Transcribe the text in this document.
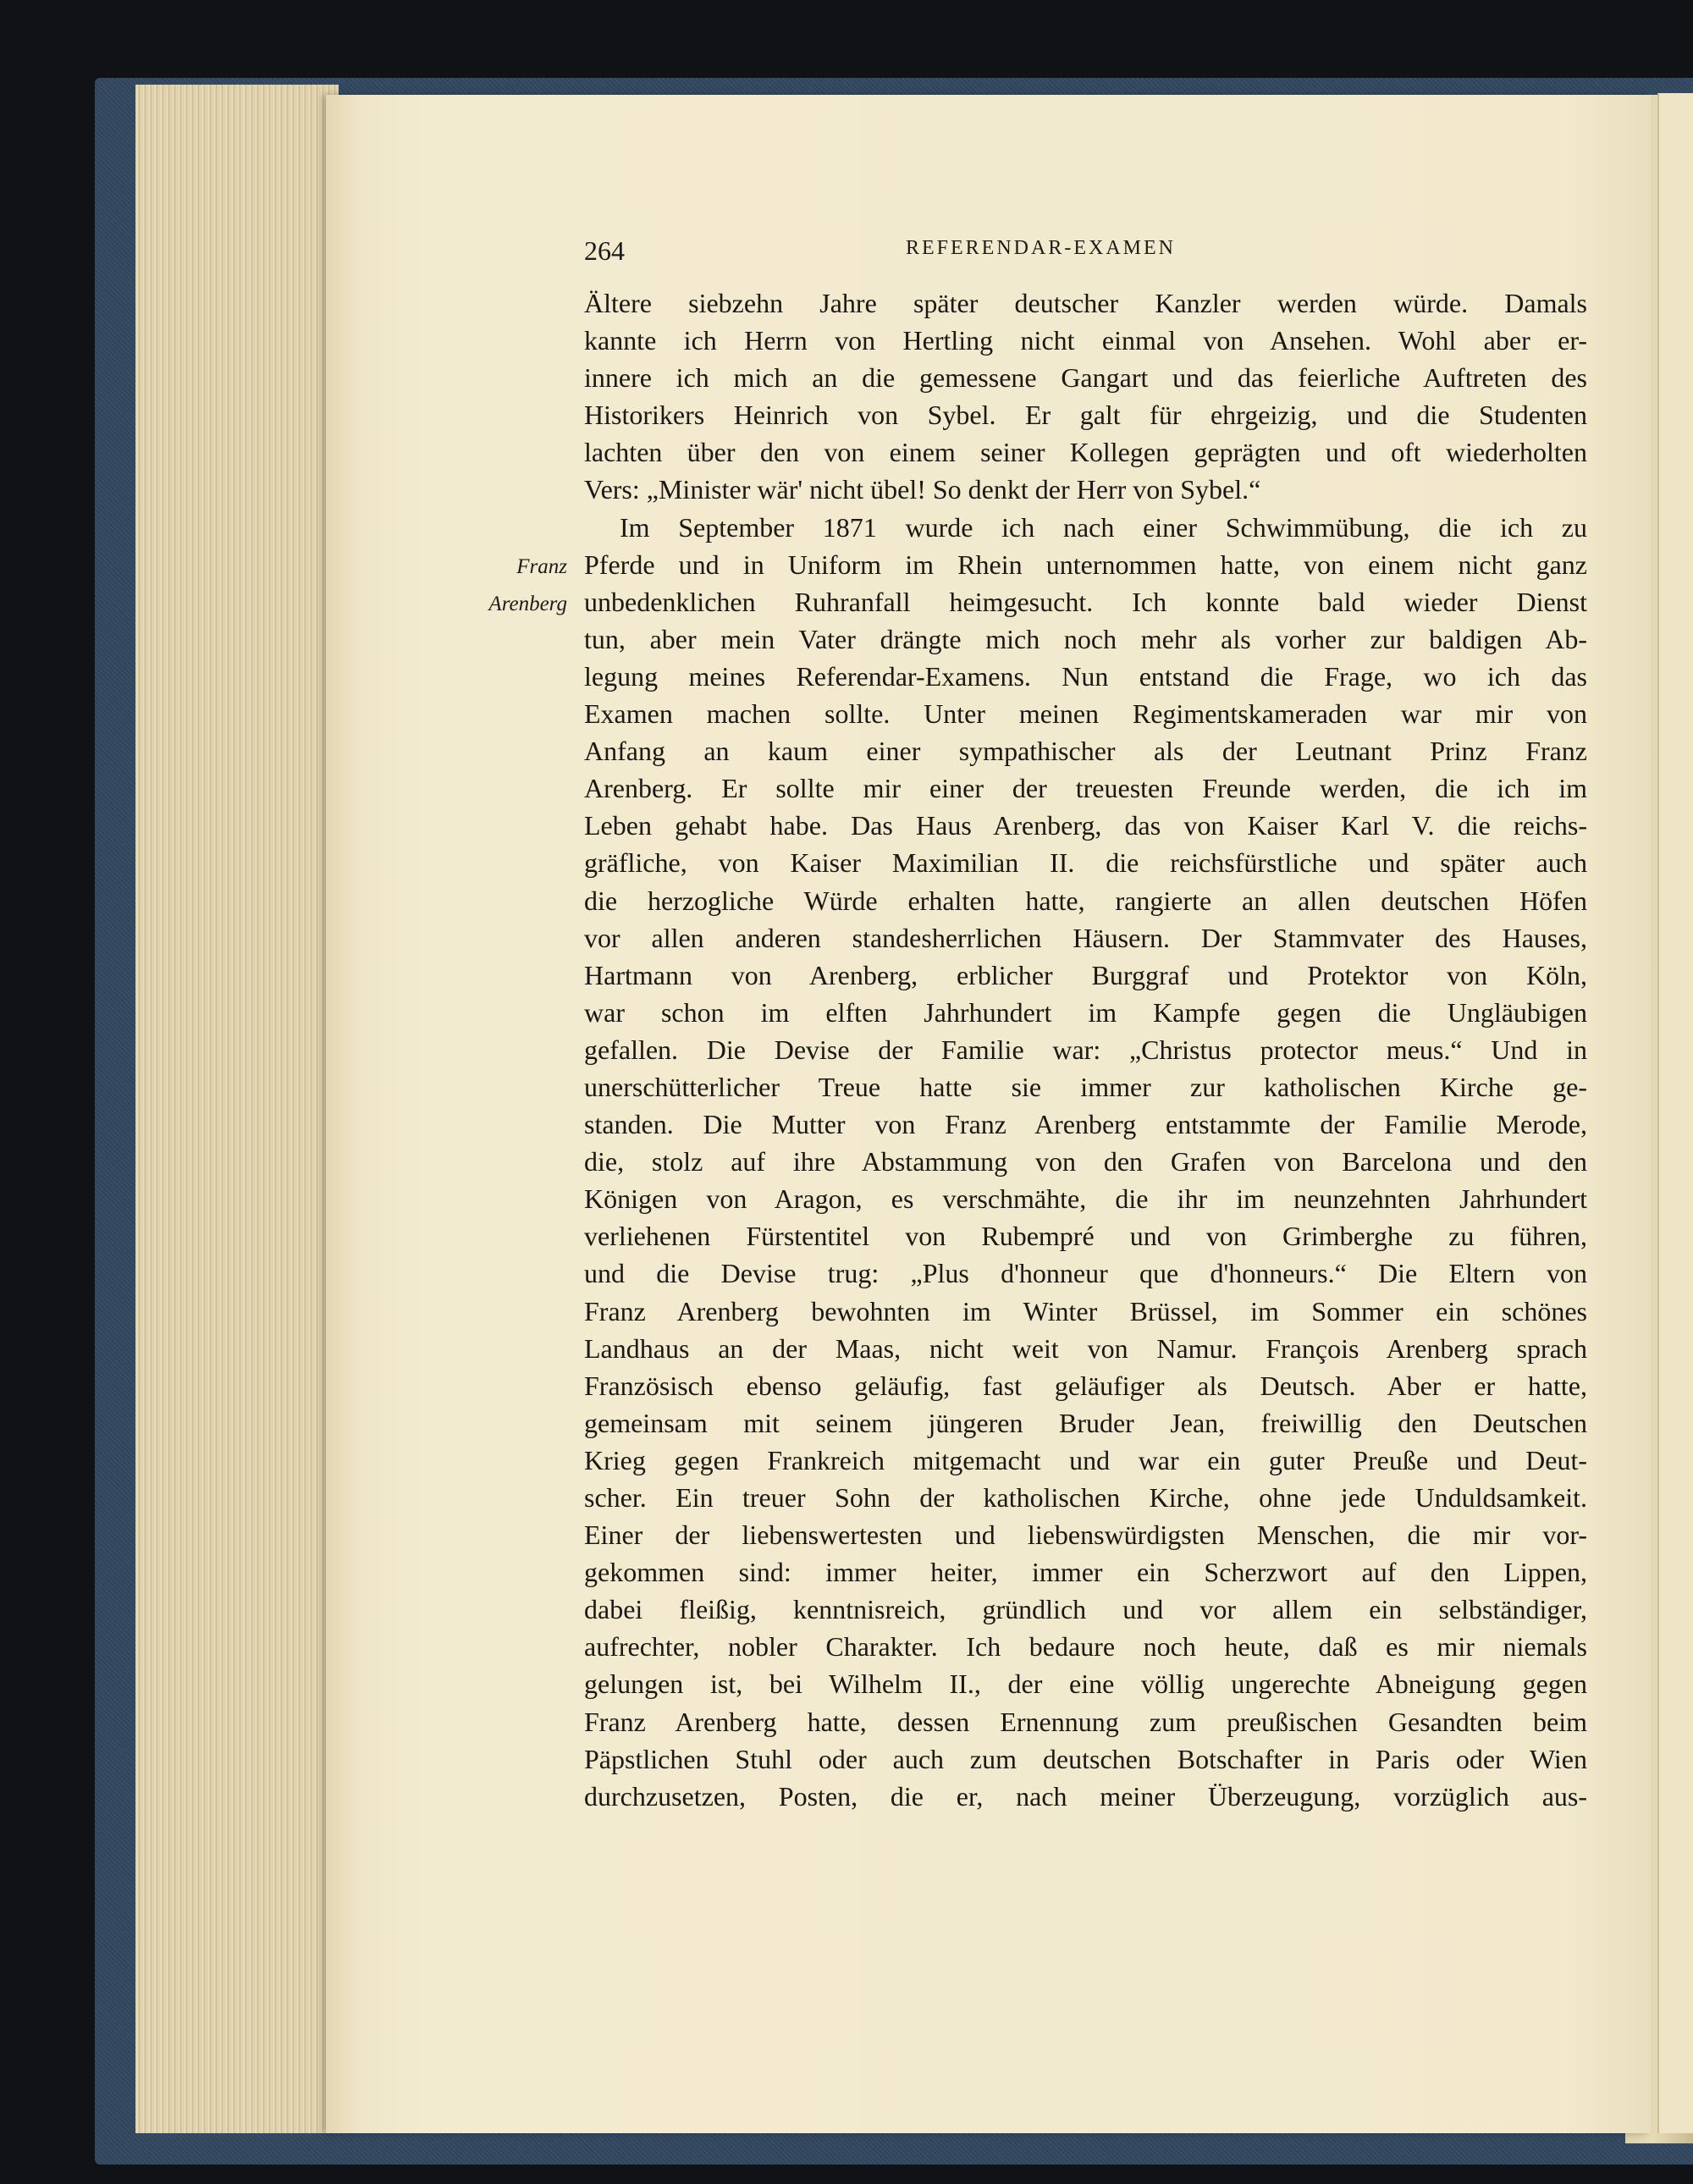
264	REFERENDAR-EXAMEN
Franz
Arenberg
Ältere siebzehn Jahre später deutscher Kanzler werden würde. Damals
kannte ich Herrn von Hertling nicht einmal von Ansehen. Wohl aber er-
innere ich mich an die gemessene Gangart und das feierliche Auftreten des
Historikers Heinrich von Sybel. Er galt für ehrgeizig, und die Studenten
lachten über den von einem seiner Kollegen geprägten und oft wiederholten
Vers: „Minister wär' nicht übel! So denkt der Herr von Sybel.“
Im September 1871 wurde ich nach einer Schwimmübung, die ich zu
Pferde und in Uniform im Rhein unternommen hatte, von einem nicht ganz
unbedenklichen Ruhranfall heimgesucht. Ich konnte bald wieder Dienst
tun, aber mein Vater drängte mich noch mehr als vorher zur baldigen Ab-
legung meines Referendar-Examens. Nun entstand die Frage, wo ich das
Examen machen sollte. Unter meinen Regimentskameraden war mir von
Anfang an kaum einer sympathischer als der Leutnant Prinz Franz
Arenberg. Er sollte mir einer der treuesten Freunde werden, die ich im
Leben gehabt habe. Das Haus Arenberg, das von Kaiser Karl V. die reichs-
gräfliche, von Kaiser Maximilian II. die reichsfürstliche und später auch
die herzogliche Würde erhalten hatte, rangierte an allen deutschen Höfen
vor allen anderen standesherrlichen Häusern. Der Stammvater des Hauses,
Hartmann von Arenberg, erblicher Burggraf und Protektor von Köln,
war schon im elften Jahrhundert im Kampfe gegen die Ungläubigen
gefallen. Die Devise der Familie war: „Christus protector meus.“ Und in
unerschütterlicher Treue hatte sie immer zur katholischen Kirche ge-
standen. Die Mutter von Franz Arenberg entstammte der Familie Merode,
die, stolz auf ihre Abstammung von den Grafen von Barcelona und den
Königen von Aragon, es verschmähte, die ihr im neunzehnten Jahrhundert
verliehenen Fürstentitel von Rubempré und von Grimberghe zu führen,
und die Devise trug: „Plus d'honneur que d'honneurs.“ Die Eltern von
Franz Arenberg bewohnten im Winter Brüssel, im Sommer ein schönes
Landhaus an der Maas, nicht weit von Namur. François Arenberg sprach
Französisch ebenso geläufig, fast geläufiger als Deutsch. Aber er hatte,
gemeinsam mit seinem jüngeren Bruder Jean, freiwillig den Deutschen
Krieg gegen Frankreich mitgemacht und war ein guter Preuße und Deut-
scher. Ein treuer Sohn der katholischen Kirche, ohne jede Unduldsamkeit.
Einer der liebenswertesten und liebenswürdigsten Menschen, die mir vor-
gekommen sind: immer heiter, immer ein Scherzwort auf den Lippen,
dabei fleißig, kenntnisreich, gründlich und vor allem ein selbständiger,
aufrechter, nobler Charakter. Ich bedaure noch heute, daß es mir niemals
gelungen ist, bei Wilhelm II., der eine völlig ungerechte Abneigung gegen
Franz Arenberg hatte, dessen Ernennung zum preußischen Gesandten beim
Päpstlichen Stuhl oder auch zum deutschen Botschafter in Paris oder Wien
durchzusetzen, Posten, die er, nach meiner Überzeugung, vorzüglich aus-
